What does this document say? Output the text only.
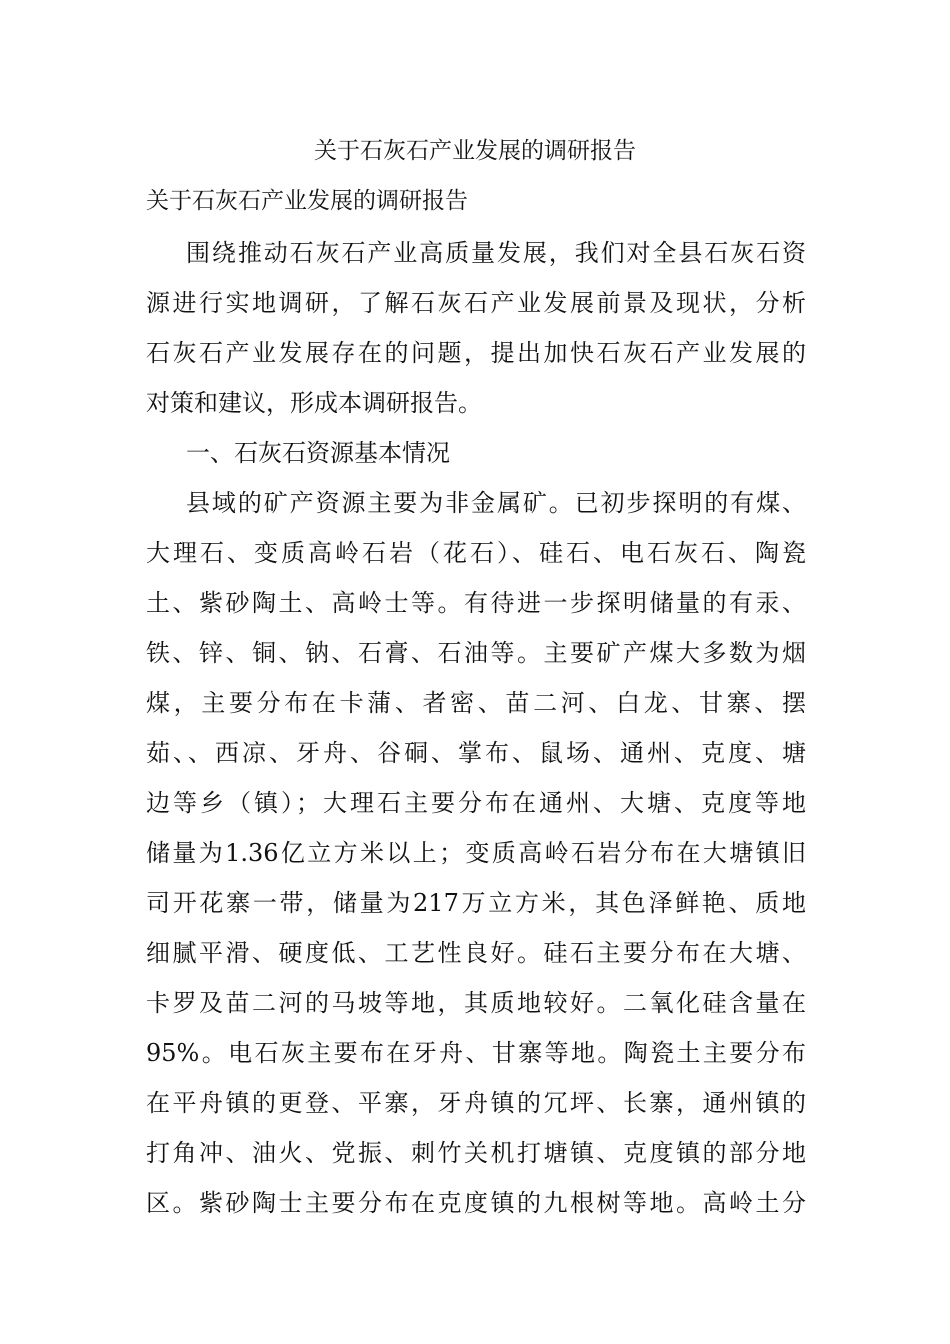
关于石灰石产业发展的调研报告
关于石灰石产业发展的调研报告
围绕推动石灰石产业高质量发展，我们对全县石灰石资
源进行实地调研，了解石灰石产业发展前景及现状，分析
石灰石产业发展存在的问题，提出加快石灰石产业发展的
对策和建议，形成本调研报告。
一、石灰石资源基本情况
县域的矿产资源主要为非金属矿。已初步探明的有煤、
大理石、变质高岭石岩（花石）、硅石、电石灰石、陶瓷
土、紫砂陶土、高岭士等。有待进一步探明储量的有汞、
铁、锌、铜、钠、石膏、石油等。主要矿产煤大多数为烟
煤，主要分布在卡蒲、者密、苗二河、白龙、甘寨、摆
茹、、西凉、牙舟、谷硐、掌布、鼠场、通州、克度、塘
边等乡（镇）；大理石主要分布在通州、大塘、克度等地
储量为1.36亿立方米以上；变质高岭石岩分布在大塘镇旧
司开花寨一带，储量为217万立方米，其色泽鲜艳、质地
细腻平滑、硬度低、工艺性良好。硅石主要分布在大塘、
卡罗及苗二河的马坡等地，其质地较好。二氧化硅含量在
95%。电石灰主要布在牙舟、甘寨等地。陶瓷土主要分布
在平舟镇的更登、平寨，牙舟镇的冗坪、长寨，通州镇的
打角冲、油火、党振、刺竹关机打塘镇、克度镇的部分地
区。紫砂陶士主要分布在克度镇的九根树等地。高岭土分
